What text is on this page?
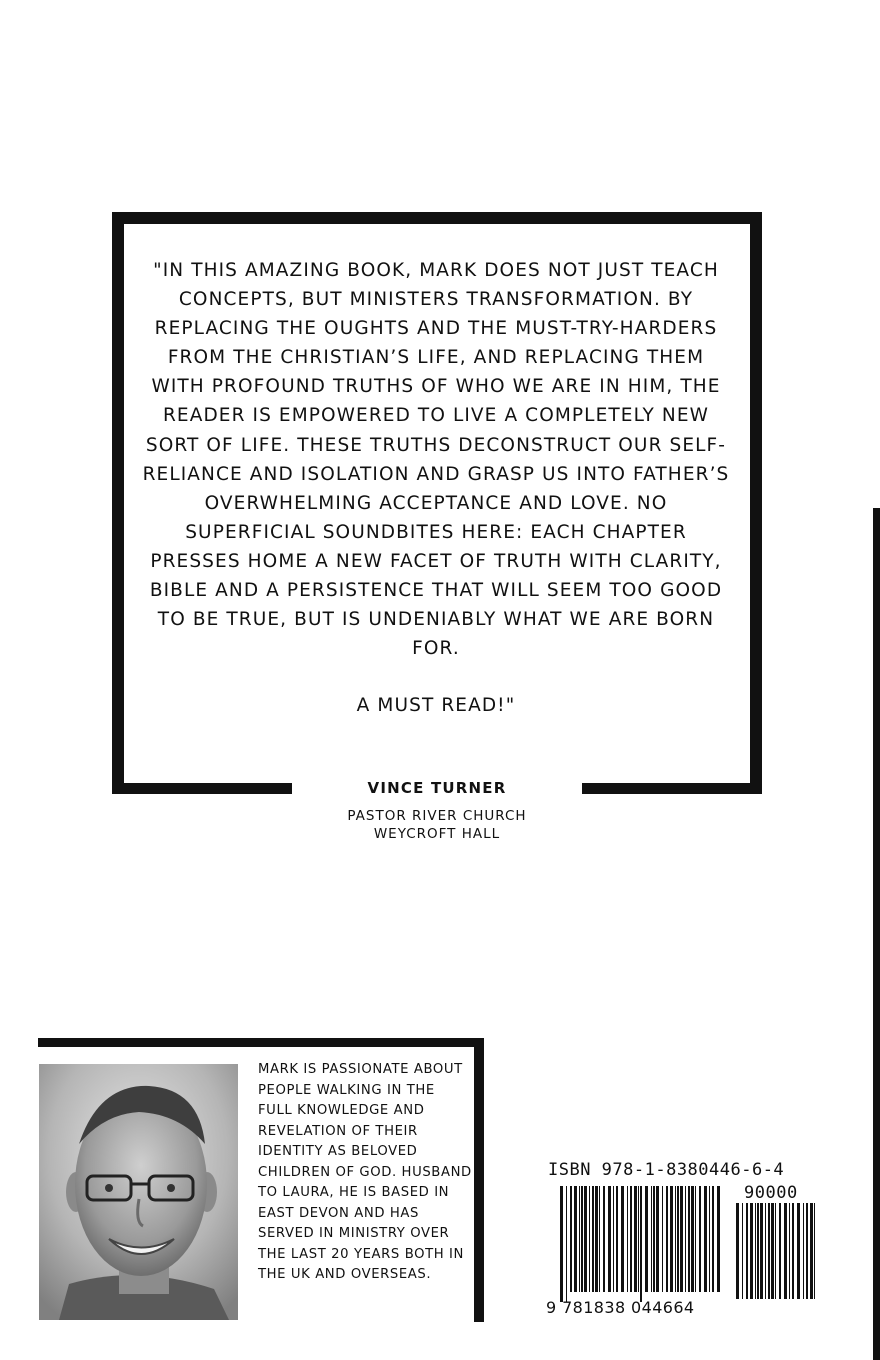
"IN THIS AMAZING BOOK, MARK DOES NOT JUST TEACH CONCEPTS, BUT MINISTERS TRANSFORMATION. BY REPLACING THE OUGHTS AND THE MUST-TRY-HARDERS FROM THE CHRISTIAN’S LIFE, AND REPLACING THEM WITH PROFOUND TRUTHS OF WHO WE ARE IN HIM, THE READER IS EMPOWERED TO LIVE A COMPLETELY NEW SORT OF LIFE. THESE TRUTHS DECONSTRUCT OUR SELF-RELIANCE AND ISOLATION AND GRASP US INTO FATHER’S OVERWHELMING ACCEPTANCE AND LOVE. NO SUPERFICIAL SOUNDBITES HERE: EACH CHAPTER PRESSES HOME A NEW FACET OF TRUTH WITH CLARITY, BIBLE AND A PERSISTENCE THAT WILL SEEM TOO GOOD TO BE TRUE, BUT IS UNDENIABLY WHAT WE ARE BORN FOR.

A MUST READ!"

VINCE TURNER
PASTOR RIVER CHURCH
WEYCROFT HALL
MARK IS PASSIONATE ABOUT PEOPLE WALKING IN THE FULL KNOWLEDGE AND REVELATION OF THEIR IDENTITY AS BELOVED CHILDREN OF GOD. HUSBAND TO LAURA, HE IS BASED IN EAST DEVON AND HAS SERVED IN MINISTRY OVER THE LAST 20 YEARS BOTH IN THE UK AND OVERSEAS.
ISBN 978-1-8380446-6-4
90000
9 781838 044664
